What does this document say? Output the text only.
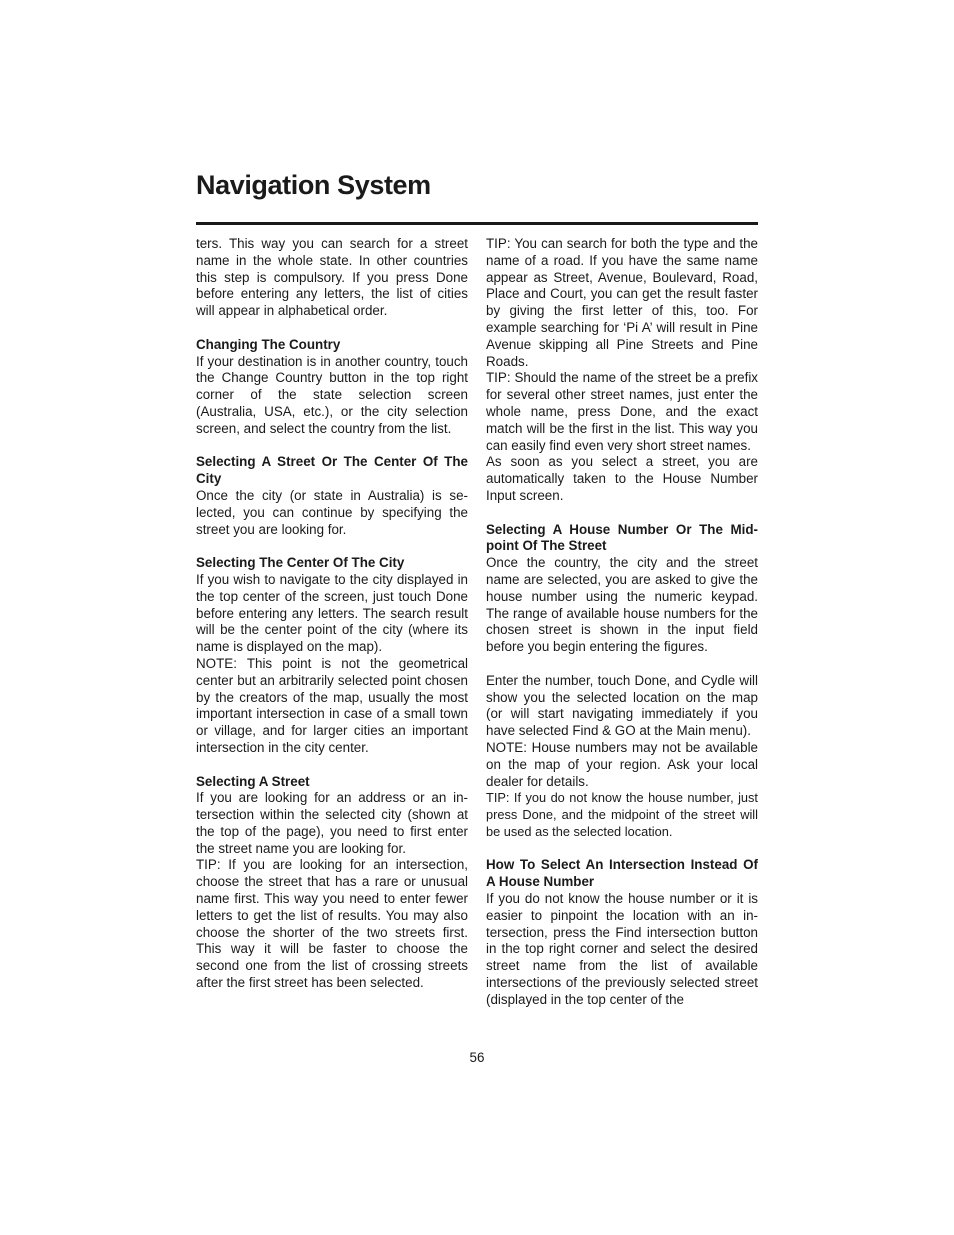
Navigation System

ters. This way you can search for a street name in the whole state. In other countries this step is compulsory. If you press Done before entering any letters, the list of cities will appear in alphabetical order.

Changing The Country

If your destination is in another country, touch the Change Country button in the top right corner of the state selection screen (Australia, USA, etc.), or the city selection screen, and select the country from the list.

Selecting A Street Or The Center Of The City

Once the city (or state in Australia) is selected, you can continue by specifying the street you are looking for.

Selecting The Center Of The City

If you wish to navigate to the city displayed in the top center of the screen, just touch Done before entering any letters. The search result will be the center point of the city (where its name is displayed on the map).

NOTE: This point is not the geometrical center but an arbitrarily selected point chosen by the creators of the map, usually the most important intersection in case of a small town or village, and for larger cities an important intersection in the city center.

Selecting A Street

If you are looking for an address or an intersection within the selected city (shown at the top of the page), you need to first enter the street name you are looking for.

TIP: If you are looking for an intersection, choose the street that has a rare or unusual name first. This way you need to enter fewer letters to get the list of results. You may also choose the shorter of the two streets first. This way it will be faster to choose the second one from the list of crossing streets after the first street has been selected.

TIP: You can search for both the type and the name of a road. If you have the same name appear as Street, Avenue, Boulevard, Road, Place and Court, you can get the result faster by giving the first letter of this, too. For example searching for ‘Pi A’ will result in Pine Avenue skipping all Pine Streets and Pine Roads.

TIP: Should the name of the street be a prefix for several other street names, just enter the whole name, press Done, and the exact match will be the first in the list. This way you can easily find even very short street names.

As soon as you select a street, you are automatically taken to the House Number Input screen.

Selecting A House Number Or The Midpoint Of The Street

Once the country, the city and the street name are selected, you are asked to give the house number using the numeric keypad. The range of available house numbers for the chosen street is shown in the input field before you begin entering the figures.

Enter the number, touch Done, and Cydle will show you the selected location on the map (or will start navigating immediately if you have selected Find & GO at the Main menu).

NOTE: House numbers may not be available on the map of your region. Ask your local dealer for details.

TIP: If you do not know the house number, just press Done, and the midpoint of the street will be used as the selected location.

How To Select An Intersection Instead Of A House Number

If you do not know the house number or it is easier to pinpoint the location with an intersection, press the Find intersection button in the top right corner and select the desired street name from the list of available intersections of the previously selected street (displayed in the top center of the

56
